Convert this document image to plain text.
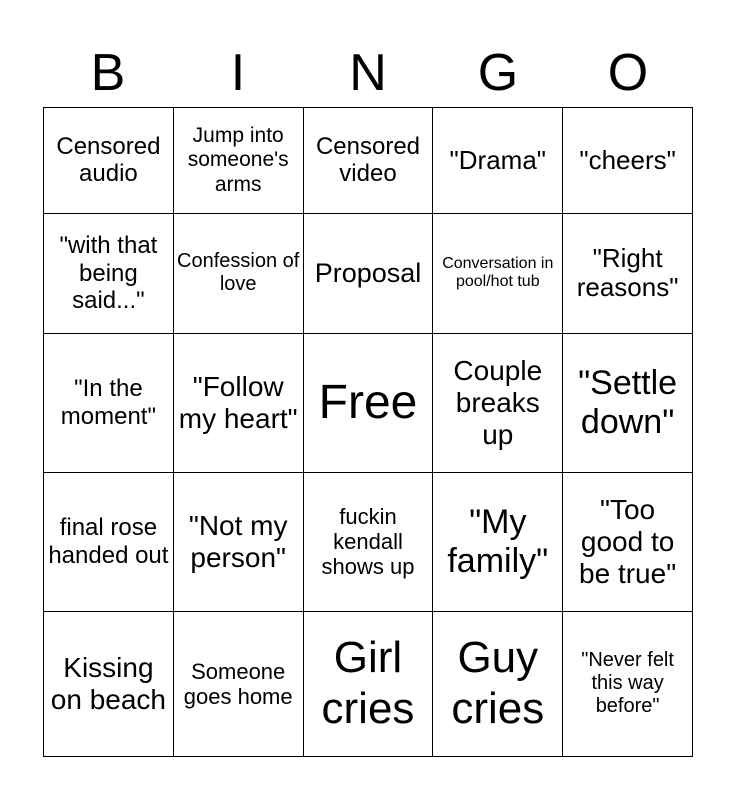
B	I	N	G	O
Censored audio	Jump into someone's arms	Censored video	"Drama"	"cheers"
"with that being said..."	Confession of love	Proposal	Conversation in pool/hot tub	"Right reasons"
"In the moment"	"Follow my heart"	Free	Couple breaks up	"Settle down"
final rose handed out	"Not my person"	fuckin kendall shows up	"My family"	"Too good to be true"
Kissing on beach	Someone goes home	Girl cries	Guy cries	"Never felt this way before"
